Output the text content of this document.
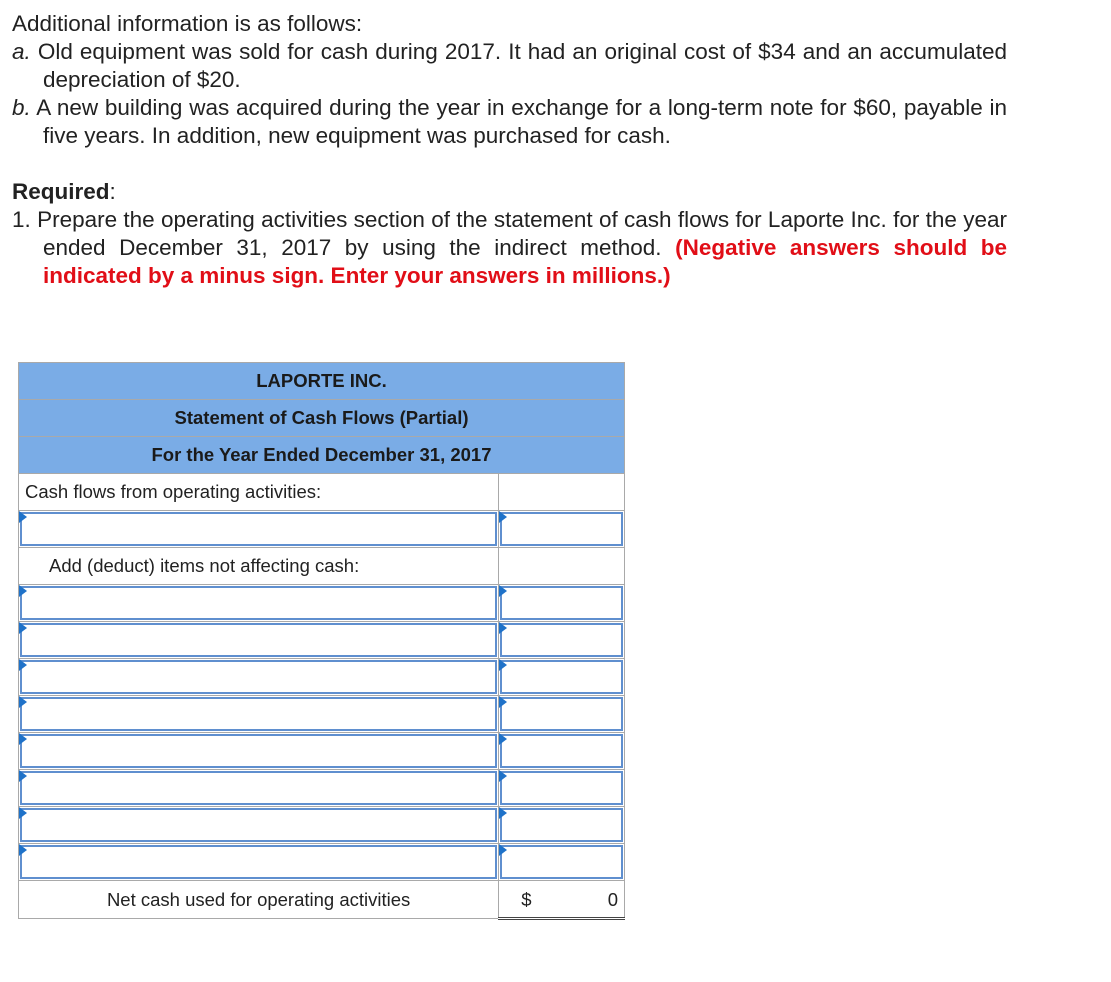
Additional information is as follows:

a. Old equipment was sold for cash during 2017. It had an original cost of $34 and an accumulated depreciation of $20.

b. A new building was acquired during the year in exchange for a long-term note for $60, payable in five years. In addition, new equipment was purchased for cash.

Required:

1. Prepare the operating activities section of the statement of cash flows for Laporte Inc. for the year ended December 31, 2017 by using the indirect method. (Negative answers should be indicated by a minus sign. Enter your answers in millions.)

LAPORTE INC.	
Statement of Cash Flows (Partial)	
For the Year Ended December 31, 2017	
Cash flows from operating activities:	

Add (deduct) items not affecting cash:	

Net cash used for operating activities	$ 0
